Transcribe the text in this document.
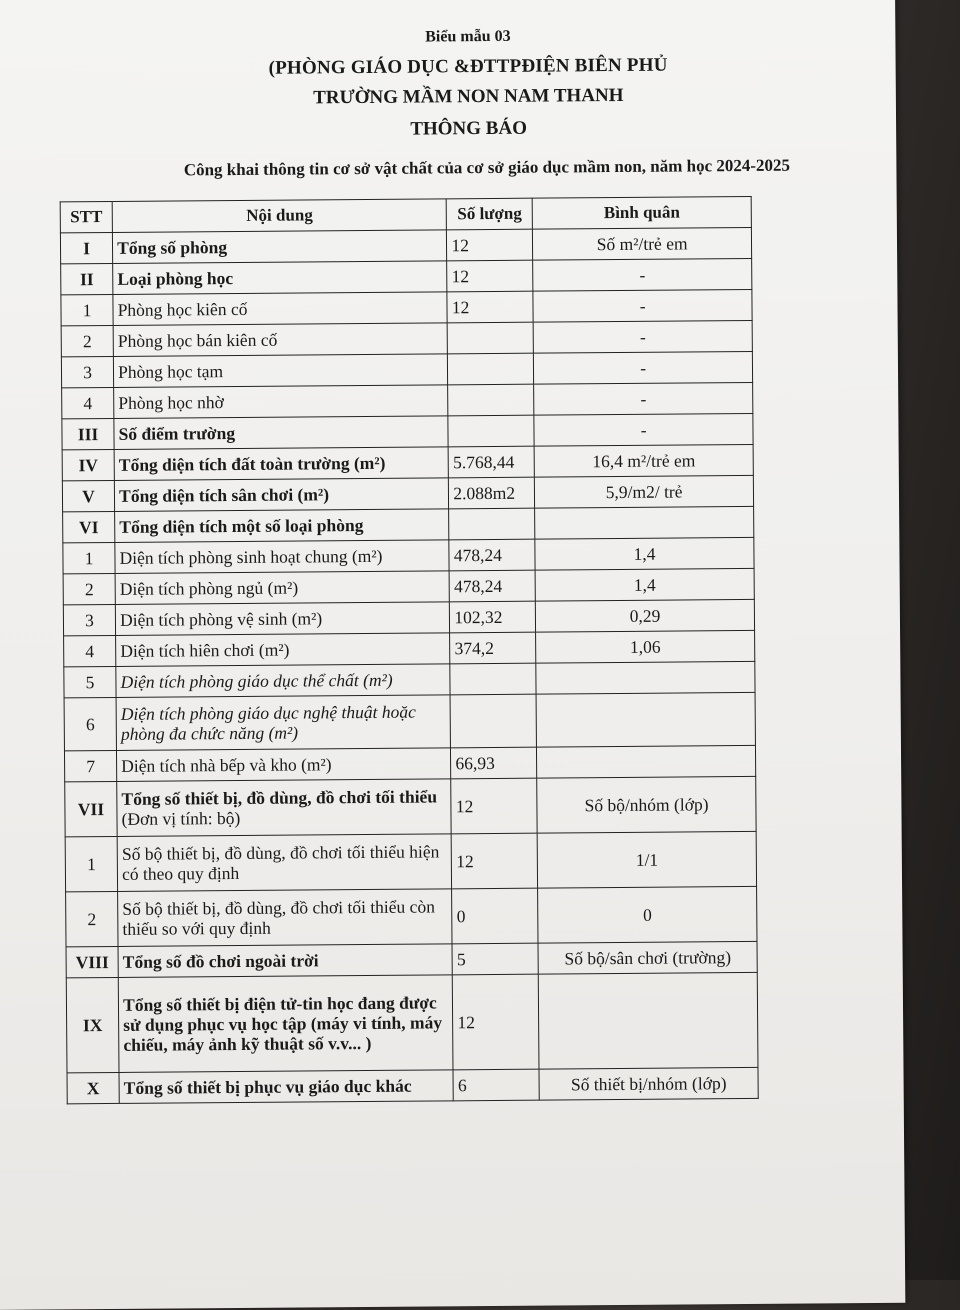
Biểu mẫu 03
(PHÒNG GIÁO DỤC &ĐTTPĐIỆN BIÊN PHỦ
TRƯỜNG MẦM NON NAM THANH
THÔNG BÁO
Công khai thông tin cơ sở vật chất của cơ sở giáo dục mầm non, năm học 2024-2025
STT	Nội dung	Số lượng	Bình quân
I	Tổng số phòng	12	Số m²/trẻ em
II	Loại phòng học	12	-
1	Phòng học kiên cố	12	-
2	Phòng học bán kiên cố		-
3	Phòng học tạm		-
4	Phòng học nhờ		-
III	Số điểm trường		-
IV	Tổng diện tích đất toàn trường (m²)	5.768,44	16,4 m²/trẻ em
V	Tổng diện tích sân chơi (m²)	2.088m2	5,9/m2/ trẻ
VI	Tổng diện tích một số loại phòng		
1	Diện tích phòng sinh hoạt chung (m²)	478,24	1,4
2	Diện tích phòng ngủ (m²)	478,24	1,4
3	Diện tích phòng vệ sinh (m²)	102,32	0,29
4	Diện tích hiên chơi (m²)	374,2	1,06
5	Diện tích phòng giáo dục thể chất (m²)		
6	Diện tích phòng giáo dục nghệ thuật hoặc phòng đa chức năng (m²)		
7	Diện tích nhà bếp và kho (m²)	66,93	
VII	Tổng số thiết bị, đồ dùng, đồ chơi tối thiểu (Đơn vị tính: bộ)	12	Số bộ/nhóm (lớp)
1	Số bộ thiết bị, đồ dùng, đồ chơi tối thiểu hiện có theo quy định	12	1/1
2	Số bộ thiết bị, đồ dùng, đồ chơi tối thiểu còn thiếu so với quy định	0	0
VIII	Tổng số đồ chơi ngoài trời	5	Số bộ/sân chơi (trường)
IX	Tổng số thiết bị điện tử-tin học đang được sử dụng phục vụ học tập (máy vi tính, máy chiếu, máy ảnh kỹ thuật số v.v... )	12	
X	Tổng số thiết bị phục vụ giáo dục khác	6	Số thiết bị/nhóm (lớp)
